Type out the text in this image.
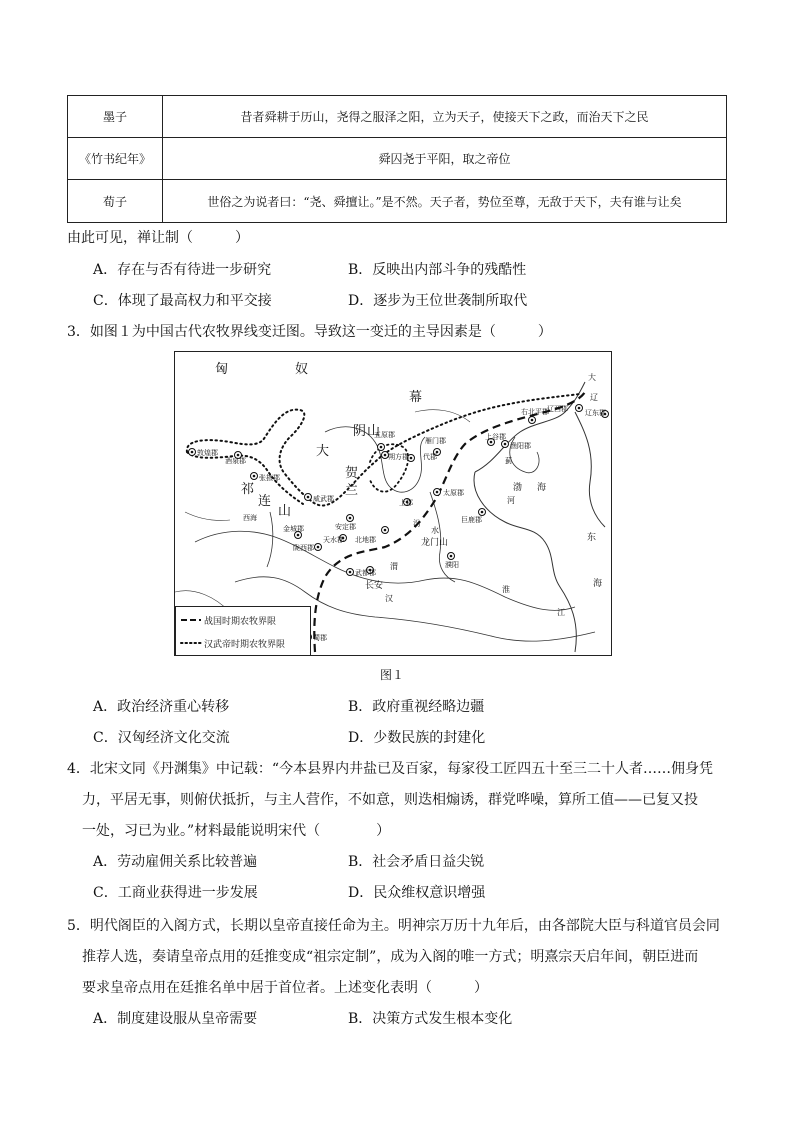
墨子	昔者舜耕于历山，尧得之服泽之阳，立为天子，使接天下之政，而治天下之民
《竹书纪年》	舜囚尧于平阳，取之帝位
荀子	世俗之为说者曰：“尧、舜擅让。”是不然。天子者，势位至尊，无敌于天下，夫有谁与让矣
由此可见，禅让制（　　　）
A．存在与否有待进一步研究	B．反映出内部斗争的残酷性
C．体现了最高权力和平交接	D．逐步为王位世袭制所取代
3．如图１为中国古代农牧界线变迁图。导致这一变迁的主导因素是（　　　）
匈	奴
幕
大
祁
连
山
阴 山
贺
兰
敦煌郡
酒泉郡
张掖郡
威武郡
西海
金城郡
陇西郡
天水郡
安定郡
北地郡
武都郡
蜀郡
长安
五原郡
朔方郡
雁门郡
代郡
上谷郡
渔阳郡
右北平郡
辽西郡 辽东郡
蓟
太原郡
上郡
巨鹿郡
龙门山
濮阳
渤 海
东
海
汾
水
河
淮
江
渭
汉
辽
大
战国时期农牧界限
汉武帝时期农牧界限
图１
A．政治经济重心转移	B．政府重视经略边疆
C．汉匈经济文化交流	D．少数民族的封建化
4．北宋文同《丹渊集》中记载：“今本县界内井盐已及百家，每家役工匠四五十至三二十人者……佣身凭
力，平居无事，则俯伏抵折，与主人营作，不如意，则迭相煽诱，群党哗噪，算所工值——已复又投
一处，习已为业。”材料最能说明宋代（　　　　）
A．劳动雇佣关系比较普遍	B．社会矛盾日益尖锐
C．工商业获得进一步发展	D．民众维权意识增强
5．明代阁臣的入阁方式，长期以皇帝直接任命为主。明神宗万历十九年后，由各部院大臣与科道官员会同
推荐人选，奏请皇帝点用的廷推变成“祖宗定制”，成为入阁的唯一方式；明熹宗天启年间，朝臣进而
要求皇帝点用在廷推名单中居于首位者。上述变化表明（　　　）
A．制度建设服从皇帝需要	B．决策方式发生根本变化
